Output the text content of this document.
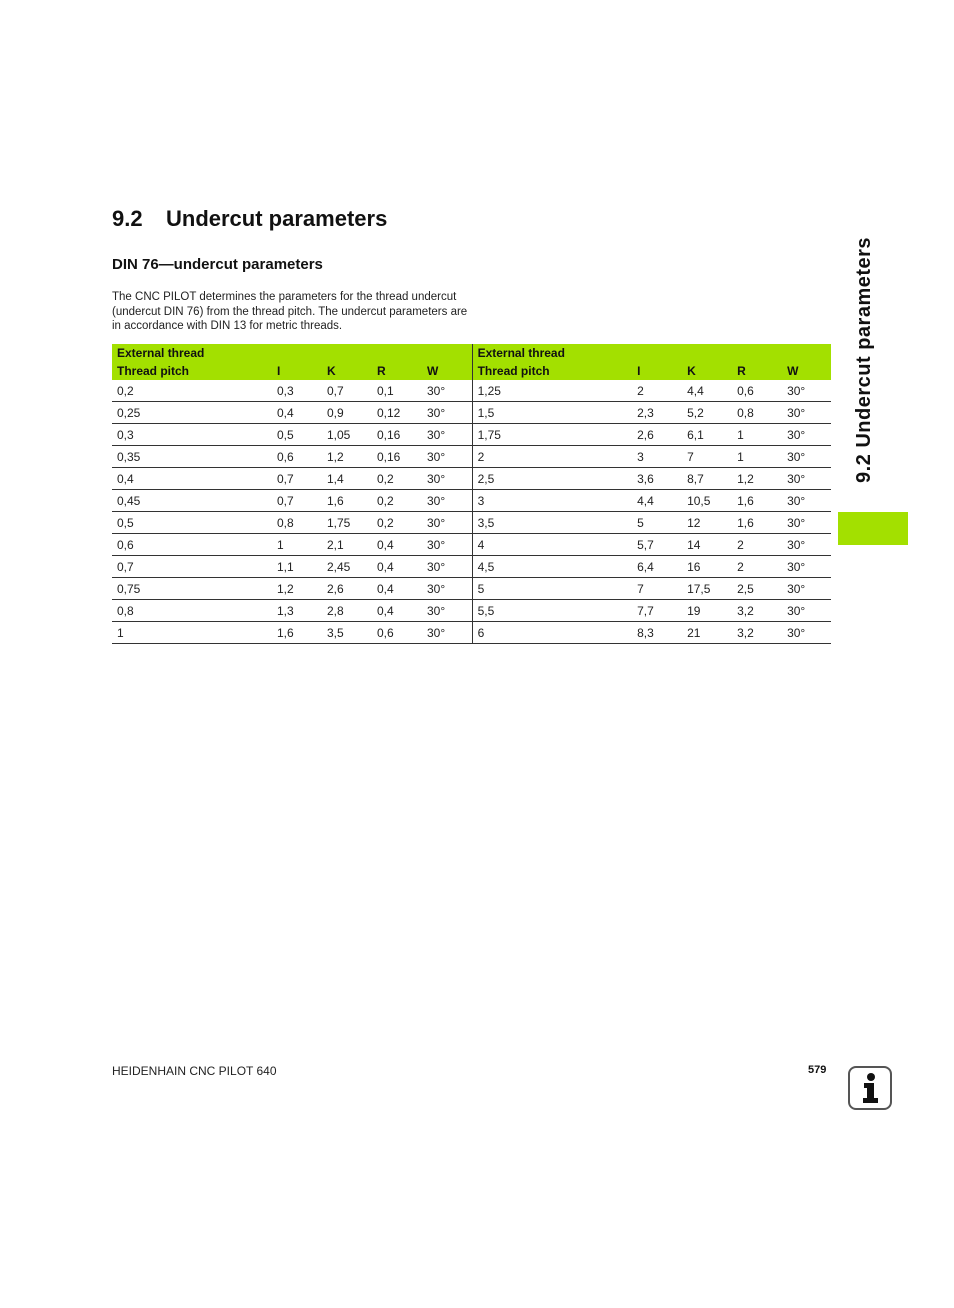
9.2 Undercut parameters
DIN 76—undercut parameters

The CNC PILOT determines the parameters for the thread undercut
(undercut DIN 76) from the thread pitch. The undercut parameters are
in accordance with DIN 13 for metric threads.

External thread					External thread				
Thread pitch	I	K	R	W	Thread pitch	I	K	R	W
0,2	0,3	0,7	0,1	30°	1,25	2	4,4	0,6	30°
0,25	0,4	0,9	0,12	30°	1,5	2,3	5,2	0,8	30°
0,3	0,5	1,05	0,16	30°	1,75	2,6	6,1	1	30°
0,35	0,6	1,2	0,16	30°	2	3	7	1	30°
0,4	0,7	1,4	0,2	30°	2,5	3,6	8,7	1,2	30°
0,45	0,7	1,6	0,2	30°	3	4,4	10,5	1,6	30°
0,5	0,8	1,75	0,2	30°	3,5	5	12	1,6	30°
0,6	1	2,1	0,4	30°	4	5,7	14	2	30°
0,7	1,1	2,45	0,4	30°	4,5	6,4	16	2	30°
0,75	1,2	2,6	0,4	30°	5	7	17,5	2,5	30°
0,8	1,3	2,8	0,4	30°	5,5	7,7	19	3,2	30°
1	1,6	3,5	0,6	30°	6	8,3	21	3,2	30°
9.2 Undercut parameters
HEIDENHAIN CNC PILOT 640	579
